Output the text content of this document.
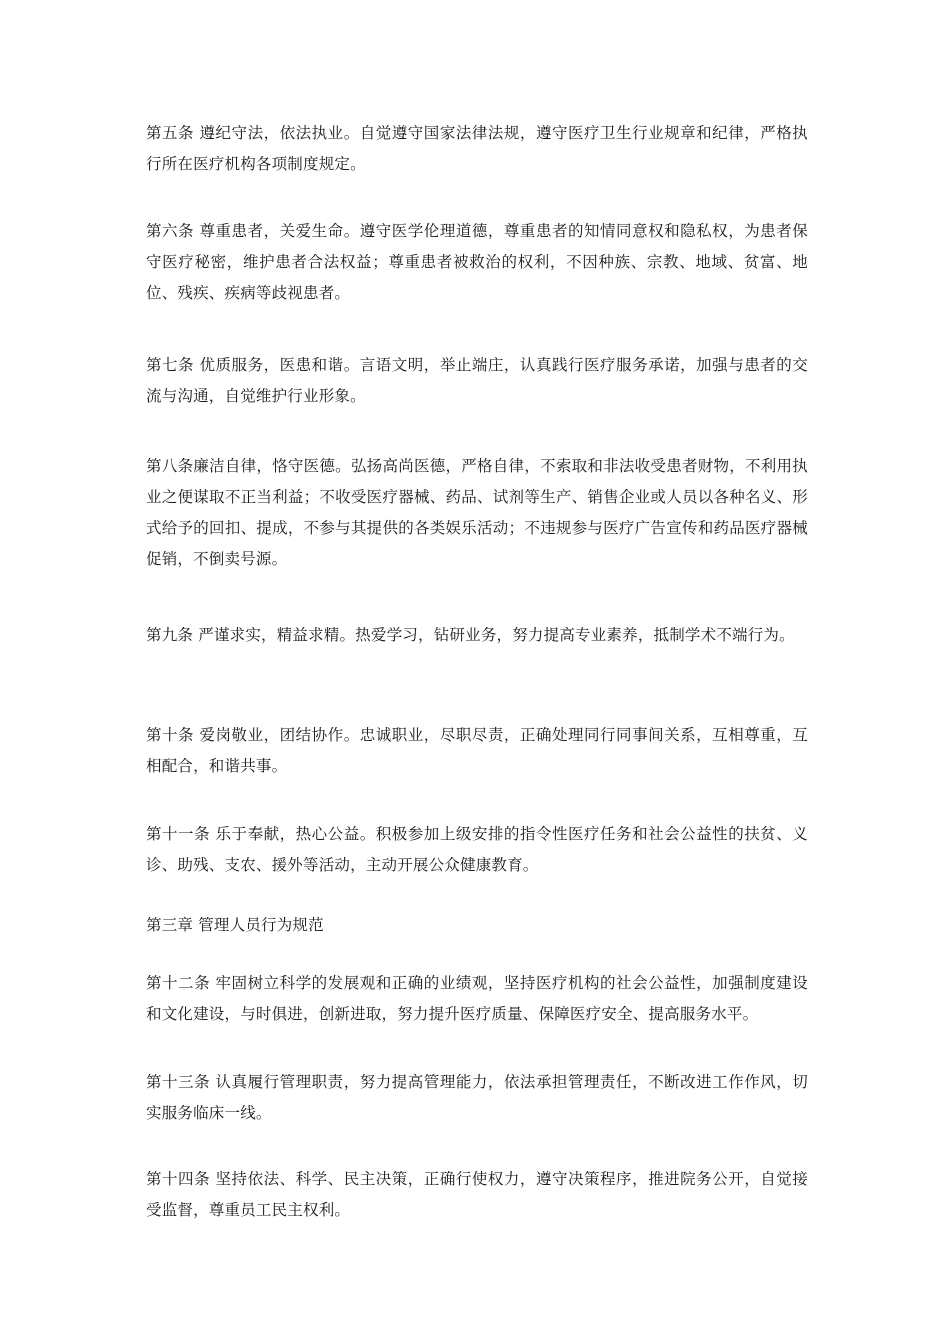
第五条 遵纪守法，依法执业。自觉遵守国家法律法规，遵守医疗卫生行业规章和纪律，严格执行所在医疗机构各项制度规定。

第六条 尊重患者，关爱生命。遵守医学伦理道德，尊重患者的知情同意权和隐私权，为患者保守医疗秘密，维护患者合法权益；尊重患者被救治的权利，不因种族、宗教、地域、贫富、地位、残疾、疾病等歧视患者。

第七条 优质服务，医患和谐。言语文明，举止端庄，认真践行医疗服务承诺，加强与患者的交流与沟通，自觉维护行业形象。

第八条廉洁自律，恪守医德。弘扬高尚医德，严格自律，不索取和非法收受患者财物，不利用执业之便谋取不正当利益；不收受医疗器械、药品、试剂等生产、销售企业或人员以各种名义、形式给予的回扣、提成，不参与其提供的各类娱乐活动；不违规参与医疗广告宣传和药品医疗器械促销，不倒卖号源。

第九条 严谨求实，精益求精。热爱学习，钻研业务，努力提高专业素养，抵制学术不端行为。

第十条 爱岗敬业，团结协作。忠诚职业，尽职尽责，正确处理同行同事间关系，互相尊重，互相配合，和谐共事。

第十一条 乐于奉献，热心公益。积极参加上级安排的指令性医疗任务和社会公益性的扶贫、义诊、助残、支农、援外等活动，主动开展公众健康教育。

第三章 管理人员行为规范

第十二条 牢固树立科学的发展观和正确的业绩观，坚持医疗机构的社会公益性，加强制度建设和文化建设，与时俱进，创新进取，努力提升医疗质量、保障医疗安全、提高服务水平。

第十三条 认真履行管理职责，努力提高管理能力，依法承担管理责任，不断改进工作作风，切实服务临床一线。

第十四条 坚持依法、科学、民主决策，正确行使权力，遵守决策程序，推进院务公开，自觉接受监督，尊重员工民主权利。
